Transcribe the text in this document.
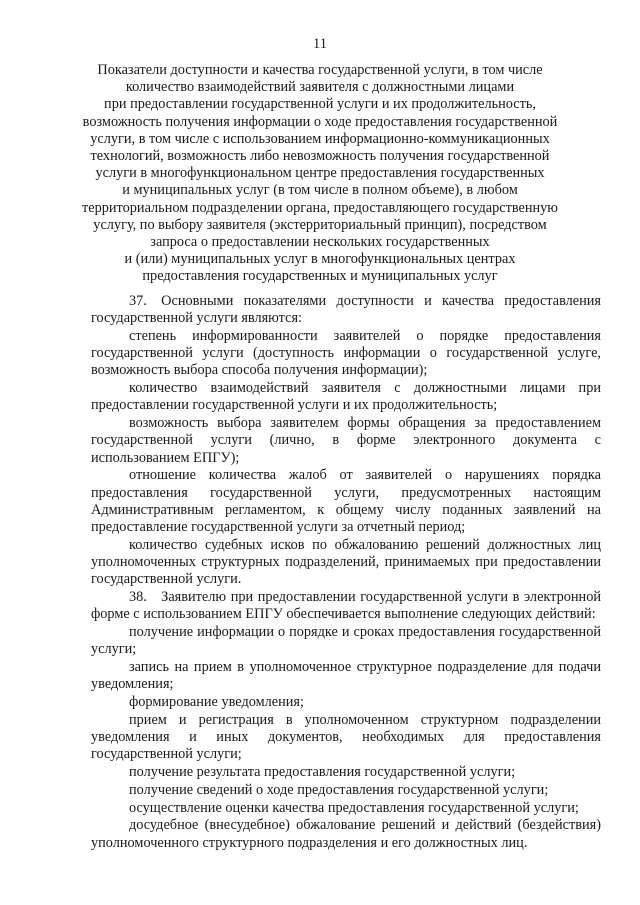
11
Показатели доступности и качества государственной услуги, в том числе
количество взаимодействий заявителя с должностными лицами
при предоставлении государственной услуги и их продолжительность,
возможность получения информации о ходе предоставления государственной
услуги, в том числе с использованием информационно-коммуникационных
технологий, возможность либо невозможность получения государственной
услуги в многофункциональном центре предоставления государственных
и муниципальных услуг (в том числе в полном объеме), в любом
территориальном подразделении органа, предоставляющего государственную
услугу, по выбору заявителя (экстерриториальный принцип), посредством
запроса о предоставлении нескольких государственных
и (или) муниципальных услуг в многофункциональных центрах
предоставления государственных и муниципальных услуг

37. Основными показателями доступности и качества предоставления государственной услуги являются:

степень информированности заявителей о порядке предоставления государственной услуги (доступность информации о государственной услуге, возможность выбора способа получения информации);

количество взаимодействий заявителя с должностными лицами при предоставлении государственной услуги и их продолжительность;

возможность выбора заявителем формы обращения за предоставлением государственной услуги (лично, в форме электронного документа с использованием ЕПГУ);

отношение количества жалоб от заявителей о нарушениях порядка предоставления государственной услуги, предусмотренных настоящим Административным регламентом, к общему числу поданных заявлений на предоставление государственной услуги за отчетный период;

количество судебных исков по обжалованию решений должностных лиц уполномоченных структурных подразделений, принимаемых при предоставлении государственной услуги.

38. Заявителю при предоставлении государственной услуги в электронной форме с использованием ЕПГУ обеспечивается выполнение следующих действий:

получение информации о порядке и сроках предоставления государственной услуги;

запись на прием в уполномоченное структурное подразделение для подачи уведомления;

формирование уведомления;

прием и регистрация в уполномоченном структурном подразделении уведомления и иных документов, необходимых для предоставления государственной услуги;

получение результата предоставления государственной услуги;

получение сведений о ходе предоставления государственной услуги;

осуществление оценки качества предоставления государственной услуги;

досудебное (внесудебное) обжалование решений и действий (бездействия) уполномоченного структурного подразделения и его должностных лиц.
